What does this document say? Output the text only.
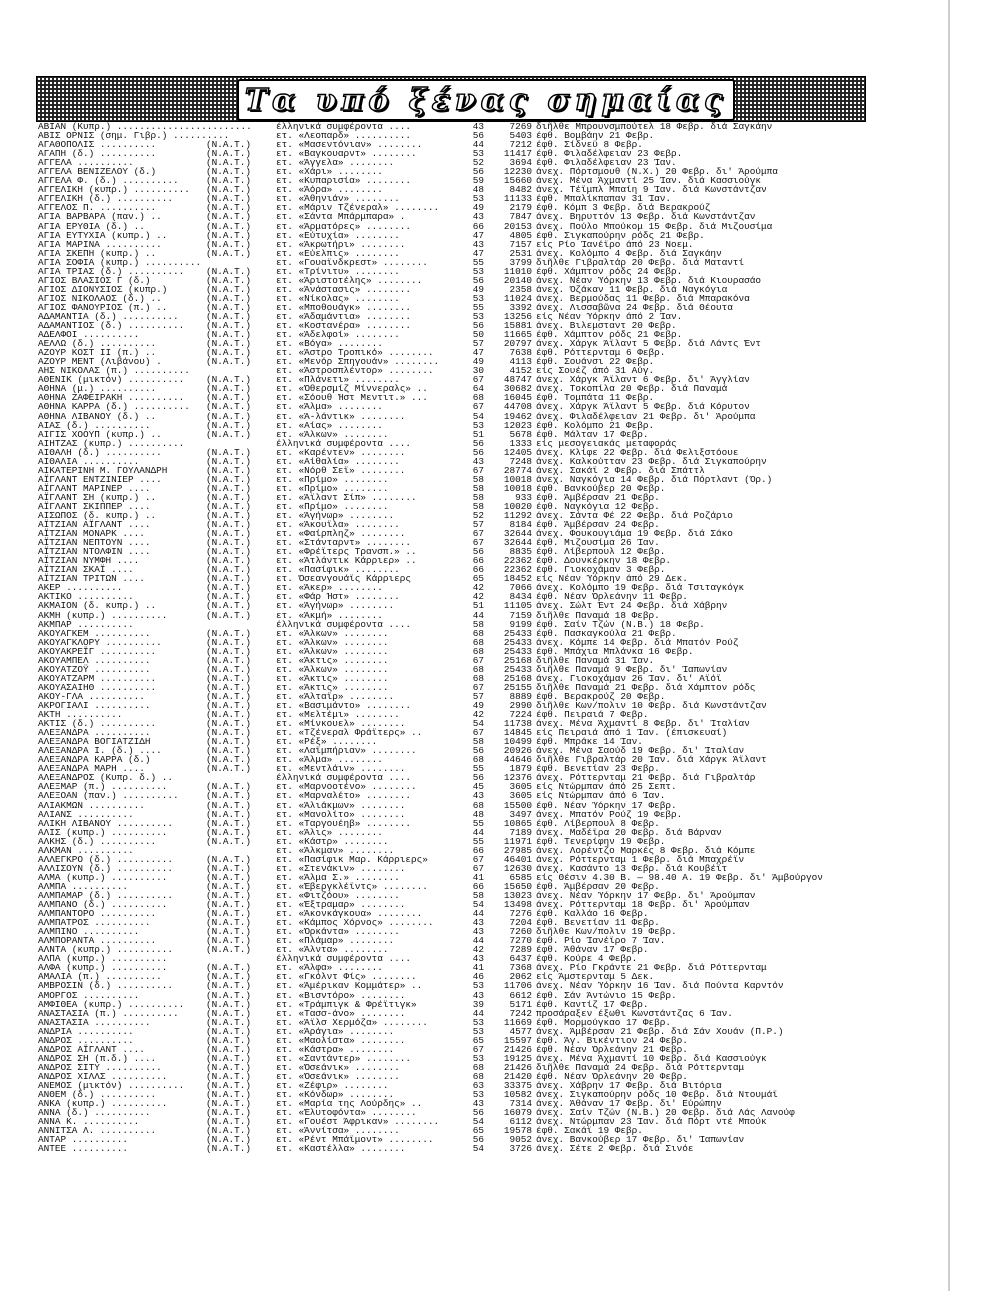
Τα υπό ξένας σημαίας
ΑΒΙΑΝ (Κυπρ.) ........................	έλληνικά συμφέροντα ....	43	7269 διῆλθε Μπρουνσμπούτελ 18 Φεβρ. διά Σαγκάην
ΑΒΙΣ ΟΡΝΙΣ (σημ. Γιβρ.) ..........	ετ. «Λεοπαρδ» ..........	56	5403 έφθ. Βομβάην 21 Φεβρ.
ΑΓΑΘΟΠΟΛΙΣ ..........	(Ν.Α.Τ.)	ετ. «Μασεντόνιαν» ........	44	7212 έφθ. Σίδνεϋ 8 Φεβρ.
ΑΓΑΠΗ (δ.) ..........	(Ν.Α.Τ.)	ετ. «Βαγκουαρντ» ........	53	11417 έφθ. Φιλαδέλφειαν 23 Φεβρ.
ΑΓΓΕΛΑ ..........	(Ν.Α.Τ.)	ετ. «Άγγελα» ........	52	3694 έφθ. Φιλαδέλφειαν 23 Ίαν.
ΑΓΓΕΛΑ ΒΕΝΙΖΕΛΟΥ (δ.)	(Ν.Α.Τ.)	ετ. «Χάρι» ........	56	12230 άνεχ. Πόρτσμουθ (Ν.Χ.) 20 Φεβρ. δι' Άρούμπα
ΑΓΓΕΛΑ Φ. (δ.) ..........	(Ν.Α.Τ.)	ετ. «Κυπαρισία» ........	59	15660 άνεχ. Μένα Άχμαντί 25 Ίαν. διά Κασσιούγκ
ΑΓΓΕΛΙΚΗ (κυπρ.) ..........	(Ν.Α.Τ.)	ετ. «Άόρα» ........	48	8482 άνεχ. Τέϊμπλ Μπαίη 9 Ίαν. διά Κωνστάντζαν
ΑΓΓΕΛΙΚΗ (δ.) ..........	(Ν.Α.Τ.)	ετ. «Άθηνιάν» ........	53	11133 έφθ. Μπαλίκπαπαν 31 Ίαν.
ΑΓΓΕΛΟΣ Π. ..........	(Ν.Α.Τ.)	ετ. «Μάριν Τζένεραλ» ........	49	2179 έφθ. Κόμπ 3 Φεβρ. διά Βερακρούζ
ΑΓΙΑ ΒΑΡΒΑΡΑ (παν.) ..	(Ν.Α.Τ.)	ετ. «Σάντα Μπάρμπαρα» .	43	7847 άνεχ. Βηρυττόν 13 Φεβρ. διά Κωνστάντζαν
ΑΓΙΑ ΕΡΥΘΙΑ (δ.) ..	(Ν.Α.Τ.)	ετ. «Άρματόρες» ........	66	20153 άνεχ. Πούλο Μπούκομ 15 Φεβρ. διά Μιζουσίμα
ΑΓΙΑ ΕΥΤΥΧΙΑ (κυπρ.) ..	(Ν.Α.Τ.)	ετ. «Εύτυχία» ........	47	4805 έφθ. Σιγκαπούρην ρόδς 21 Φεβρ.
ΑΓΙΑ ΜΑΡΙΝΑ ..........	(Ν.Α.Τ.)	ετ. «Άκρωτήρι» ........	43	7157 είς Ρίο Ίανέϊρο άπό 23 Νοεμ.
ΑΓΙΑ ΣΚΕΠΗ (κυπρ.) ..	(Ν.Α.Τ.)	ετ. «Εύελπις» ........	47	2531 άνεχ. Κολόμπο 4 Φεβρ. διά Σαγκάην
ΑΓΙΑ ΣΟΦΙΑ (κυπρ.) ..........	ετ. «Γουαϊνδκρεστ» ........	55	3799 διῆλθε Γιβραλτάρ 20 Φεβρ. διά Ματαντί
ΑΓΙΑ ΤΡΙΑΣ (δ.) ..........	(Ν.Α.Τ.)	ετ. «Τρίνιτυ» ........	53	11010 έφθ. Χάμπτον ρόδς 24 Φεβρ.
ΑΓΙΟΣ ΒΛΑΣΙΟΣ Γ (δ.)	(Ν.Α.Τ.)	ετ. «Άριστοτέλης» ........	56	20140 άνεχ. Νέαν Ύόρκην 13 Φεβρ. διά Κιουρασάο
ΑΓΙΟΣ ΔΙΟΝΥΣΙΟΣ (κυπρ.)	(Ν.Α.Τ.)	ετ. «Άνάστασις» ........	49	2358 άνεχ. Όζάκαν 11 Φεβρ. διά Ναγκόγια
ΑΓΙΟΣ ΝΙΚΟΛΑΟΣ (δ.) ..	(Ν.Α.Τ.)	ετ. «Νίκολας» ........	53	11024 άνεχ. Βερμούδας 11 Φεβρ. διά Μπαρακόνα
ΑΓΙΟΣ ΦΑΝΟΥΡΙΟΣ (π.) ..	(Ν.Α.Τ.)	ετ. «Μποθουάγκ» ........	55	3392 άνεχ. Λισσαβῶνα 24 Φεβρ. διά Θέουτα
ΑΔΑΜΑΝΤΙΑ (δ.) ..........	(Ν.Α.Τ.)	ετ. «Άδαμάντια» ........	53	13256 είς Νέαν Ύόρκην άπό 2 Ίαν.
ΑΔΑΜΑΝΤΙΟΣ (δ.) ..........	(Ν.Α.Τ.)	ετ. «Κοστανέρα» ........	56	15881 άνεχ. Βιλεμσταντ 20 Φεβρ.
ΑΔΕΛΦΟΙ ..........	(Ν.Α.Τ.)	ετ. «Άδελφοί» ........	50	11665 έφθ. Χάμπτον ρόδς 21 Φεβρ.
ΑΕΛΛΩ (δ.) ..........	(Ν.Α.Τ.)	ετ. «Βόγα» ........	57	20797 άνεχ. Χάργκ Άϊλαντ 5 Φεβρ. διά Λάντς Έντ
ΑΖΟΥΡ ΚΟΣΤ ΙΙ (π.) ..	(Ν.Α.Τ.)	ετ. «Άστρο Τροπικό» ........	47	7638 έφθ. Ρόττερνταμ 6 Φεβρ.
ΑΖΟΥΡ ΜΕΝΤ (Λιβάνου) .	(Ν.Α.Τ.)	ετ. «Μενόρ Σπηγουάν» ........	49	4113 έφθ. Σουάνσι 22 Φεβρ.
ΑΗΣ ΝΙΚΟΛΑΣ (π.) ..........	ετ. «Άστροσπλέντορ» ........	30	4152 είς Σουέζ άπό 31 Αύγ.
ΑΘΕΝΙΚ (μικτόν) ..........	(Ν.Α.Τ.)	ετ. «Πλάνετι» ........	67	48747 άνεχ. Χάργκ Άϊλαντ 6 Φεβρ. δι' Άγγλίαν
ΑΘΗΝΑ (μ.) ..........	(Ν.Α.Τ.)	ετ. «Όθερσμίζ Μίννεραλς» ..	64	30682 άνεχ. Τοκοπίλα 20 Φεβρ. διά Παναμά
ΑΘΗΝΑ ΖΑΦΕΙΡΑΚΗ ..........	(Ν.Α.Τ.)	ετ. «Σόουθ Ήστ Μεντιτ.» ...	68	16045 έφθ. Τομπάτα 11 Φεβρ.
ΑΘΗΝΑ ΚΑΡΡΑ (δ.) ..........	(Ν.Α.Τ.)	ετ. «Άλμα» ........	67	44708 άνεχ. Χάργκ Άϊλαντ 5 Φεβρ. διά Κόρυτον
ΑΘΗΝΑ ΛΙΒΑΝΟΥ (δ.) ..	(Ν.Α.Τ.)	ετ. «Ά-λάντικ» ........	54	19462 άνεχ. Φιλαδέλφειαν 21 Φεβρ. δι' Άρούμπα
ΑΙΑΣ (δ.) ..........	(Ν.Α.Τ.)	ετ. «Αίας» ........	53	12023 έφθ. Κολόμπο 21 Φεβρ.
ΑΙΓΙΣ ΧΟΟΥΠ (κυπρ.) ..	(Ν.Α.Τ.)	ετ. «Άλκων» ........	51	5678 έφθ. Μάλταν 17 Φεβρ.
ΑΙΗΤΖΑΣ (κυπρ.) ..........	έλληνικά συμφέροντα ....	56	1333 είς μεσογειακάς μεταφοράς
ΑΙΘΑΛΗ (δ.) ..........	(Ν.Α.Τ.)	ετ. «Καρέντεν» ........	56	12405 άνεχ. Κλίφε 22 Φεβρ. διά Φελιξστόουε
ΑΙΘΑΛΙΑ ..........	(Ν.Α.Τ.)	ετ. «Αίθαλία» ........	43	7248 άνεχ. Καλκούτταν 23 Φεβρ. διά Σιγκαπούρην
ΑΙΚΑΤΕΡΙΝΗ Μ. ΓΟΥΛΑΝΔΡΗ	(Ν.Α.Τ.)	ετ. «Νόρθ Σεϊ» ........	67	28774 άνεχ. Σακάϊ 2 Φεβρ. διά Σπάττλ
ΑΪΓΛΑΝΤ ΕΝΤΖΙΝΙΕΡ ....	(Ν.Α.Τ.)	ετ. «Πρίμο» ........	58	10018 άνεχ. Ναγκόγια 14 Φεβρ. διά Πόρτλαντ (Όρ.)
ΑΪΓΛΑΝΤ ΜΑΡΙΝΕΡ ....	(Ν.Α.Τ.)	ετ. «Πρίμο» ........	58	10018 έφθ. Βανκούβερ 20 Φεβρ.
ΑΪΓΛΑΝΤ ΣΗ (κυπρ.) ..	(Ν.Α.Τ.)	ετ. «Άϊλαντ Σίπ» ........	58	933 έφθ. Άμβέρσαν 21 Φεβρ.
ΑΪΓΛΑΝΤ ΣΚΙΠΠΕΡ ....	(Ν.Α.Τ.)	ετ. «Πρίμο» ........	58	10020 έφθ. Ναγκόγια 12 Φεβρ.
ΑΙΣΩΠΟΣ (δ. κυπρ.) ..	(Ν.Α.Τ.)	ετ. «Άγήνωρ» ........	52	11292 άνεχ. Σάντα Φέ 22 Φεβρ. διά Ροζάριο
ΑΪΤΖΙΑΝ ΑΪΓΛΑΝΤ ....	(Ν.Α.Τ.)	ετ. «Άκουϊλα» ........	57	8184 έφθ. Άμβέρσαν 24 Φεβρ.
ΑΪΤΖΙΑΝ ΜΟΝΑΡΚ ....	(Ν.Α.Τ.)	ετ. «Φαίρπληζ» ........	67	32644 άνεχ. Φουκουγιάμα 19 Φεβρ. διά Σάκο
ΑΪΤΖΙΑΝ ΝΕΠΤΟΥΝ ....	(Ν.Α.Τ.)	ετ. «Στάνταρντ» ........	67	32644 έφθ. Μιζουσίμα 26 Ίαν.
ΑΪΤΖΙΑΝ ΝΤΟΛΦΙΝ ....	(Ν.Α.Τ.)	ετ. «Φρέϊτερς Τρανσπ.» ..	56	8835 έφθ. Λίβερπουλ 12 Φεβρ.
ΑΪΤΖΙΑΝ ΝΥΜΦΗ ....	(Ν.Α.Τ.)	ετ. «Άτλάντικ Κάρριερ» ..	66	22362 έφθ. Δουνκέρκην 18 Φεβρ.
ΑΪΤΖΙΑΝ ΣΚΑΪ ....	(Ν.Α.Τ.)	ετ. «Πασίφικ» ........	66	22362 έφθ. Γιοκοχάμαν 3 Φεβρ.
ΑΪΤΖΙΑΝ ΤΡΙΤΩΝ ....	(Ν.Α.Τ.)	ετ. Όσεανγουάϊς Κάρριερς	65	18452 είς Νέαν Ύόρκην άπό 29 Δεκ.
ΑΚΕΡ ..........	(Ν.Α.Τ.)	ετ. «Άκερ» ........	42	7066 άνεχ. Κολόμπο 19 Φεβρ. διά Τσιταγκόγκ
ΑΚΤΙΚΟ ..........	(Ν.Α.Τ.)	ετ. «Φάρ Ήστ» ........	42	8434 έφθ. Νέαν Όρλεάνην 11 Φεβρ.
ΑΚΜΑΙΟΝ (δ. κυπρ.) ..	(Ν.Α.Τ.)	ετ. «Άγήνωρ» ........	51	11105 άνεχ. Σώλτ Έντ 24 Φεβρ. διά Χάβρην
ΑΚΜΗ (κυπρ.) ..........	(Ν.Α.Τ.)	ετ. «Άκμή» ........	44	7159 διῆλθε Παναμά 18 Φεβρ.
ΑΚΜΠΑΡ ..........	έλληνικά συμφέροντα ....	58	9199 έφθ. Σαίν Τζών (Ν.Β.) 18 Φεβρ.
ΑΚΟΥΑΓΚΕΜ ..........	(Ν.Α.Τ.)	ετ. «Άλκων» ........	68	25433 έφθ. Πασκαγκούλα 21 Φεβρ.
ΑΚΟΥΑΓΚΛΟΡΥ ..........	(Ν.Α.Τ.)	ετ. «Άλκων» ........	68	25433 άνεχ. Κόμπε 14 Φεβρ. διά Μπατόν Ρούζ
ΑΚΟΥΑΚΡΕΪΓ ..........	(Ν.Α.Τ.)	ετ. «Άλκων» ........	68	25433 έφθ. Μπάχια Μπλάνκα 16 Φεβρ.
ΑΚΟΥΑΜΠΕΛ ..........	(Ν.Α.Τ.)	ετ. «Άκτις» ........	67	25168 διῆλθε Παναμά 31 Ίαν.
ΑΚΟΥΑΤΖΟΫ ..........	(Ν.Α.Τ.)	ετ. «Άλκων» ........	68	25433 διῆλθε Παναμά 9 Φεβρ. δι' Ίαπωνίαν
ΑΚΟΥΑΤΖΑΡΜ ..........	(Ν.Α.Τ.)	ετ. «Άκτις» ........	68	25168 άνεχ. Γιοκοχάμαν 26 Ίαν. δι' Αϊόϊ
ΑΚΟΥΑΣΑΙΗΘ ..........	(Ν.Α.Τ.)	ετ. «Άκτις» ........	67	25155 διῆλθε Παναμά 21 Φεβρ. διά Χάμπτον ρόδς
ΑΚΟΥ-ΓΛΑ ..........	(Ν.Α.Τ.)	ετ. «Άλταϊρ» ........	57	8889 έφθ. Βερακρούζ 20 Φεβρ.
ΑΚΡΟΓΙΑΛΙ ..........	(Ν.Α.Τ.)	ετ. «Βασιμάντο» ........	49	2990 διῆλθε Κων/πολιν 10 Φεβρ. διά Κωνστάντζαν
ΑΚΤΗ ..........	(Ν.Α.Τ.)	ετ. «Μελτέμι» ........	42	7224 έφθ. Πειραιά 7 Φεβρ.
ΑΚΤΙΣ (δ.) ..........	(Ν.Α.Τ.)	ετ. «Μίνκουελ» ........	54	11738 άνεχ. Μένα Άχμαντί 8 Φεβρ. δι' Ίταλίαν
ΑΛΕΞΑΝΔΡΑ ..........	(Ν.Α.Τ.)	ετ. «Τζένεραλ Φράϊτερς» ..	67	14845 είς Πειραιά άπό 1 Ίαν. (έπισκευαί)
ΑΛΕΞΑΝΔΡΑ ΒΟΓΙΑΤΖΙΔΗ	(Ν.Α.Τ.)	ετ. «Ρέξ» ........	58	10499 έφθ. Μπράκε 14 Ίαν.
ΑΛΕΞΑΝΔΡΑ Ι. (δ.) ....	(Ν.Α.Τ.)	ετ. «Λαϊμπήριαν» ........	56	20926 άνεχ. Μένα Σαούδ 19 Φεβρ. δι' Ίταλίαν
ΑΛΕΞΑΝΔΡΑ ΚΑΡΡΑ (δ.)	(Ν.Α.Τ.)	ετ. «Άλμα» ........	68	44646 διῆλθε Γιβραλτάρ 20 Ίαν. διά Χάργκ Άϊλαντ
ΑΛΕΞΑΝΔΡΑ ΜΑΡΗ ....	(Ν.Α.Τ.)	ετ. «Μεντλάιν» ........	55	1879 έφθ. Βενετίαν 23 Φεβρ.
ΑΛΕΞΑΝΔΡΟΣ (Κυπρ. δ.) ..	έλληνικά συμφέροντα ....	56	12376 άνεχ. Ρόττερνταμ 21 Φεβρ. διά Γιβραλτάρ
ΑΛΕΞΜΑΡ (π.) ..........	(Ν.Α.Τ.)	ετ. «Μαρνοοτένο» ........	45	3605 είς Ντώρμπαν άπό 25 Σεπτ.
ΑΛΕΞΟΑΝ (παν.) ..........	(Ν.Α.Τ.)	ετ. «Μαρναλέτο» ........	43	3605 είς Ντώρμπαν άπό 6 Ίαν.
ΑΛΙΑΚΜΩΝ ..........	(Ν.Α.Τ.)	ετ. «Άλιάκμων» ........	68	15500 έφθ. Νέαν Ύόρκην 17 Φεβρ.
ΑΛΙΑΝΣ ..........	(Ν.Α.Τ.)	ετ. «Μανολίτο» ........	48	3497 άνεχ. Μπατόν Ρούζ 19 Φεβρ.
ΑΛΙΚΗ ΛΙΒΑΝΟΥ ..........	(Ν.Α.Τ.)	ετ. «Ταργουέηβ» ........	55	10865 έφθ. Λίβερπουλ 8 Φεβρ.
ΑΛΙΣ (κυπρ.) ..........	(Ν.Α.Τ.)	ετ. «Άλις» ........	44	7189 άνεχ. Μαδέϊρα 20 Φεβρ. διά Βάρναν
ΑΛΚΗΣ (δ.) ..........	(Ν.Α.Τ.)	ετ. «Κάστρ» ........	55	11971 έφθ. Τενερίφην 19 Φεβρ.
ΑΛΚΜΑΝ ..........	ετ. «Άλκμαν» ........	66	27985 άνεχ. Λορέντζο Μαρκές 8 Φεβρ. διά Κόμπε
ΑΛΛΕΓΚΡΟ (δ.) ..........	(Ν.Α.Τ.)	ετ. «Πασίφικ Μαρ. Κάρριερς»	67	46401 άνεχ. Ρόττερνταμ 1 Φεβρ. διά Μπαχρέϊν
ΑΛΛΙΣΟΥΝ (δ.) ..........	(Ν.Α.Τ.)	ετ. «Στενάκιν» ........	67	12630 άνεχ. Κασάντο 13 Φεβρ. διά Κουβέϊτ
ΑΛΜΑ (κυπρ.) ..........	(Ν.Α.Τ.)	ετ. «Άλμα Σ.» ........	41	6585 είς Θέσιν 4.30 Β. — 98.40 Α. 19 Φεβρ. δι' Άμβούργον
ΑΛΜΠΑ ..........	(Ν.Α.Τ.)	ετ. «Έβεργκλέϊντς» ........	66	15650 έφθ. Άμβέρσαν 20 Φεβρ.
ΑΛΜΠΑΜΑΡ (δ.) ..........	(Ν.Α.Τ.)	ετ. «Φιτζόου» ........	58	13023 άνεχ. Νέαν Ύόρκην 17 Φεβρ. δι' Άρούμπαν
ΑΛΜΠΑΝΟ (δ.) ..........	(Ν.Α.Τ.)	ετ. «Έξτραμαρ» ........	54	13498 άνεχ. Ρόττερνταμ 18 Φεβρ. δι' Άρούμπαν
ΑΛΜΠΑΝΤΟΡΟ ..........	(Ν.Α.Τ.)	ετ. «Άκονκάγκουα» ........	44	7276 έφθ. Καλλάο 16 Φεβρ.
ΑΛΜΠΑΤΡΟΣ ..........	(Ν.Α.Τ.)	ετ. «Κάμπος Χόρνος» ........	43	7204 έφθ. Βενετίαν 11 Φεβρ.
ΑΛΜΠΙΝΟ ..........	(Ν.Α.Τ.)	ετ. «Όρκάντα» ........	43	7260 διῆλθε Κων/πολιν 19 Φεβρ.
ΑΛΜΠΟΡΑΝΤΑ ..........	(Ν.Α.Τ.)	ετ. «Πλάμαρ» ........	44	7270 έφθ. Ρίο Ίανέϊρο 7 Ίαν.
ΑΛΝΤΑ (κυπρ.) ..........	(Ν.Α.Τ.)	ετ. «Άλντα» ........	42	7289 έφθ. Άθάναν 17 Φεβρ.
ΑΛΠΑ (κυπρ.) ..........	έλληνικά συμφέροντα ....	43	6437 έφθ. Κούρε 4 Φεβρ.
ΑΛΦΑ (κυπρ.) ..........	(Ν.Α.Τ.)	ετ. «Άλφα» ........	41	7368 άνεχ. Ρίο Γκράντε 21 Φεβρ. διά Ρόττερνταμ
ΑΜΑΛΙΑ (π.) ..........	(Ν.Α.Τ.)	ετ. «Γκόλντ Φίς» ........	46	2062 είς Άμστερνταμ 5 Δεκ.
ΑΜΒΡΟΣΙΝ (δ.) ..........	(Ν.Α.Τ.)	ετ. «Άμέρικαν Κομμάτερ» ..	53	11706 άνεχ. Νέαν Ύόρκην 16 Ίαν. διά Πούντα Καρντόν
ΑΜΟΡΓΟΣ ..........	(Ν.Α.Τ.)	ετ. «Βισντόρο» ........	43	6612 έφθ. Σάν Άντώνιο 15 Φεβρ.
ΑΜΦΙΘΕΑ (κυπρ.) ..........	(Ν.Α.Τ.)	ετ. «Τράμπιγκ & Φρέϊτιγκ»	39	5171 έφθ. Καντίζ 17 Φεβρ.
ΑΝΑΣΤΑΣΙΑ (π.) ..........	(Ν.Α.Τ.)	ετ. «Τασσ-άνο» ........	44	7242 προσάραξεν έξωθι Κωνστάντζας 6 Ίαν.
ΑΝΑΣΤΑΣΙΑ ..........	(Ν.Α.Τ.)	ετ. «Άϊλσ Χερμόζα» ........	53	11669 έφθ. Μορμούγκαο 17 Φεβρ.
ΑΝΔΡΙΑ ..........	(Ν.Α.Τ.)	ετ. «Άράγια» ........	53	4577 άνεχ. Άμβέρσαν 21 Φεβρ. διά Σάν Χουάν (Π.Ρ.)
ΑΝΔΡΟΣ ..........	(Ν.Α.Τ.)	ετ. «Μαολίστα» ........	65	15597 έφθ. Άγ. Βικέντιον 24 Φεβρ.
ΑΝΔΡΟΣ ΑΪΓΛΑΝΤ ....	(Ν.Α.Τ.)	ετ. «Κάστρα» ........	67	21426 έφθ. Νέαν Όρλεάνην 21 Φεβρ.
ΑΝΔΡΟΣ ΣΗ (π.δ.) ....	(Ν.Α.Τ.)	ετ. «Σαντάντερ» ........	53	19125 άνεχ. Μένα Άχμαντί 10 Φεβρ. διά Κασσιούγκ
ΑΝΔΡΟΣ ΣΙΤΥ ..........	(Ν.Α.Τ.)	ετ. «Όσεάνικ» ........	68	21426 διῆλθε Παναμά 24 Φεβρ. διά Ρόττερνταμ
ΑΝΔΡΟΣ ΧΙΛΛΣ ..........	(Ν.Α.Τ.)	ετ. «Όσεάνικ» ........	68	21420 έφθ. Νέαν Όρλεάνην 20 Φεβρ.
ΑΝΕΜΟΣ (μικτόν) ..........	(Ν.Α.Τ.)	ετ. «Ζέφιρ» ........	63	33375 άνεχ. Χάβρην 17 Φεβρ. διά Βιτόρια
ΑΝΘΕΜ (δ.) ..........	(Ν.Α.Τ.)	ετ. «Κόνδωρ» ........	53	10582 άνεχ. Σιγκαπούρην ρόδς 10 Φεβρ. διά Ντουμάϊ
ΑΝΚΑ (κυπρ.) ..........	(Ν.Α.Τ.)	ετ. «Μαρία της Λούρδης» ..	43	7314 άνεχ. Άθάναν 17 Φεβρ. δι' Εύρώπην
ΑΝΝΑ (δ.) ..........	(Ν.Α.Τ.)	ετ. «Έλυτοφόντα» ........	56	16079 άνεχ. Σαίν Τζών (Ν.Β.) 20 Φεβρ. διά Λάς Λανούφ
ΑΝΝΑ Κ. ..........	(Ν.Α.Τ.)	ετ. «Γουέστ Άφρικαν» ........	54	6112 άνεχ. Ντώρμπαν 23 Ίαν. διά Πόρτ ντέ Μπούκ
ΑΝΝΙΤΣΑ Λ. ..........	(Ν.Α.Τ.)	ετ. «Άννίτσα» ........	65	19578 έφθ. Σακάϊ 19 Φεβρ.
ΑΝΤΑΡ ..........	(Ν.Α.Τ.)	ετ. «Ρέντ Μπάϊμοντ» ........	56	9052 άνεχ. Βανκούβερ 17 Φεβρ. δι' Ίαπωνίαν
ΑΝΤΕΕ ..........	(Ν.Α.Τ.)	ετ. «Καστέλλα» ........	54	3726 άνεχ. Σέτε 2 Φεβρ. διά Σινόε
